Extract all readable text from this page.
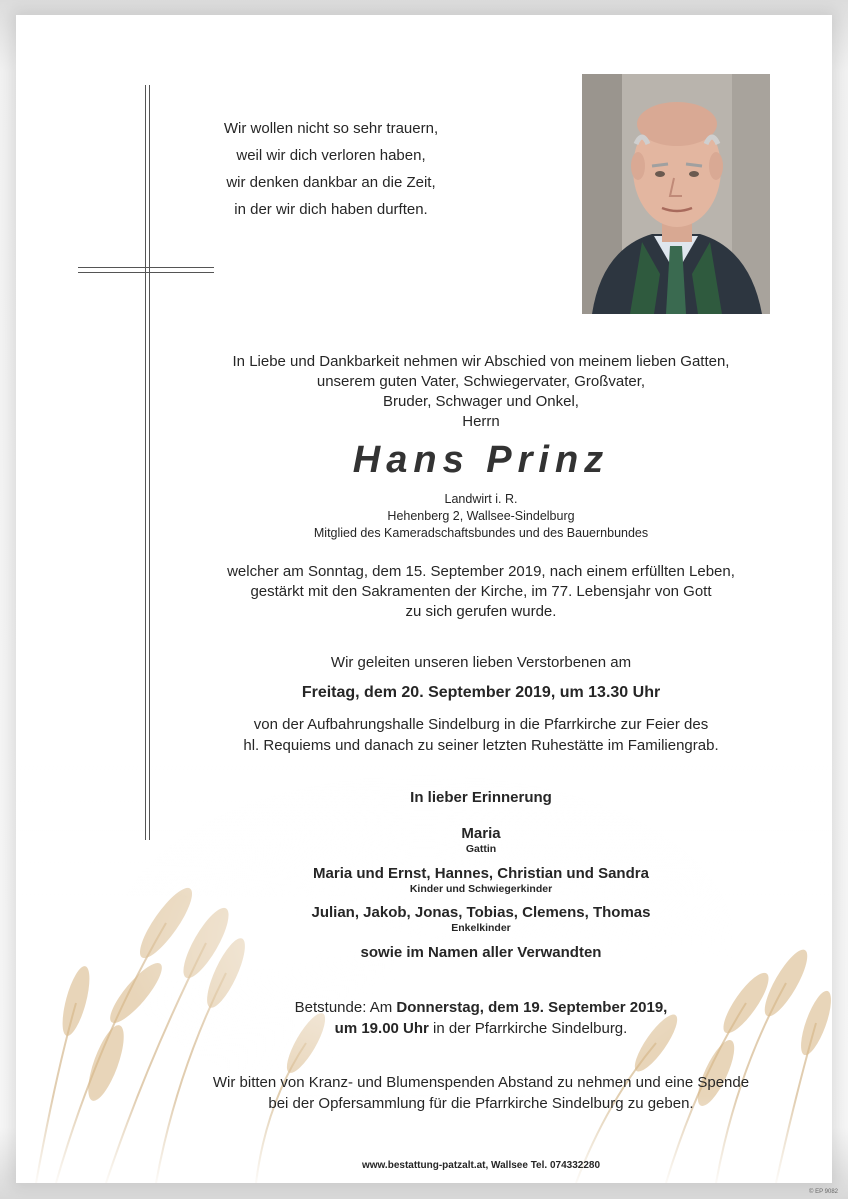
Wir wollen nicht so sehr trauern,
weil wir dich verloren haben,
wir denken dankbar an die Zeit,
in der wir dich haben durften.
In Liebe und Dankbarkeit nehmen wir Abschied von meinem lieben Gatten,
unserem guten Vater, Schwiegervater, Großvater,
Bruder, Schwager und Onkel,
Herrn
Hans Prinz
Landwirt i. R.
Hehenberg 2, Wallsee-Sindelburg
Mitglied des Kameradschaftsbundes und des Bauernbundes
welcher am Sonntag, dem 15. September 2019, nach einem erfüllten Leben,
gestärkt mit den Sakramenten der Kirche, im 77. Lebensjahr von Gott
zu sich gerufen wurde.
Wir geleiten unseren lieben Verstorbenen am
Freitag, dem 20. September 2019, um 13.30 Uhr
von der Aufbahrungshalle Sindelburg in die Pfarrkirche zur Feier des
hl. Requiems und danach zu seiner letzten Ruhestätte im Familiengrab.
In lieber Erinnerung
Maria
Gattin
Maria und Ernst, Hannes, Christian und Sandra
Kinder und Schwiegerkinder
Julian, Jakob, Jonas, Tobias, Clemens, Thomas
Enkelkinder
sowie im Namen aller Verwandten
Betstunde: Am Donnerstag, dem 19. September 2019,
um 19.00 Uhr in der Pfarrkirche Sindelburg.
Wir bitten von Kranz- und Blumenspenden Abstand zu nehmen und eine Spende
bei der Opfersammlung für die Pfarrkirche Sindelburg zu geben.
www.bestattung-patzalt.at, Wallsee Tel. 074332280
© EP 9082
